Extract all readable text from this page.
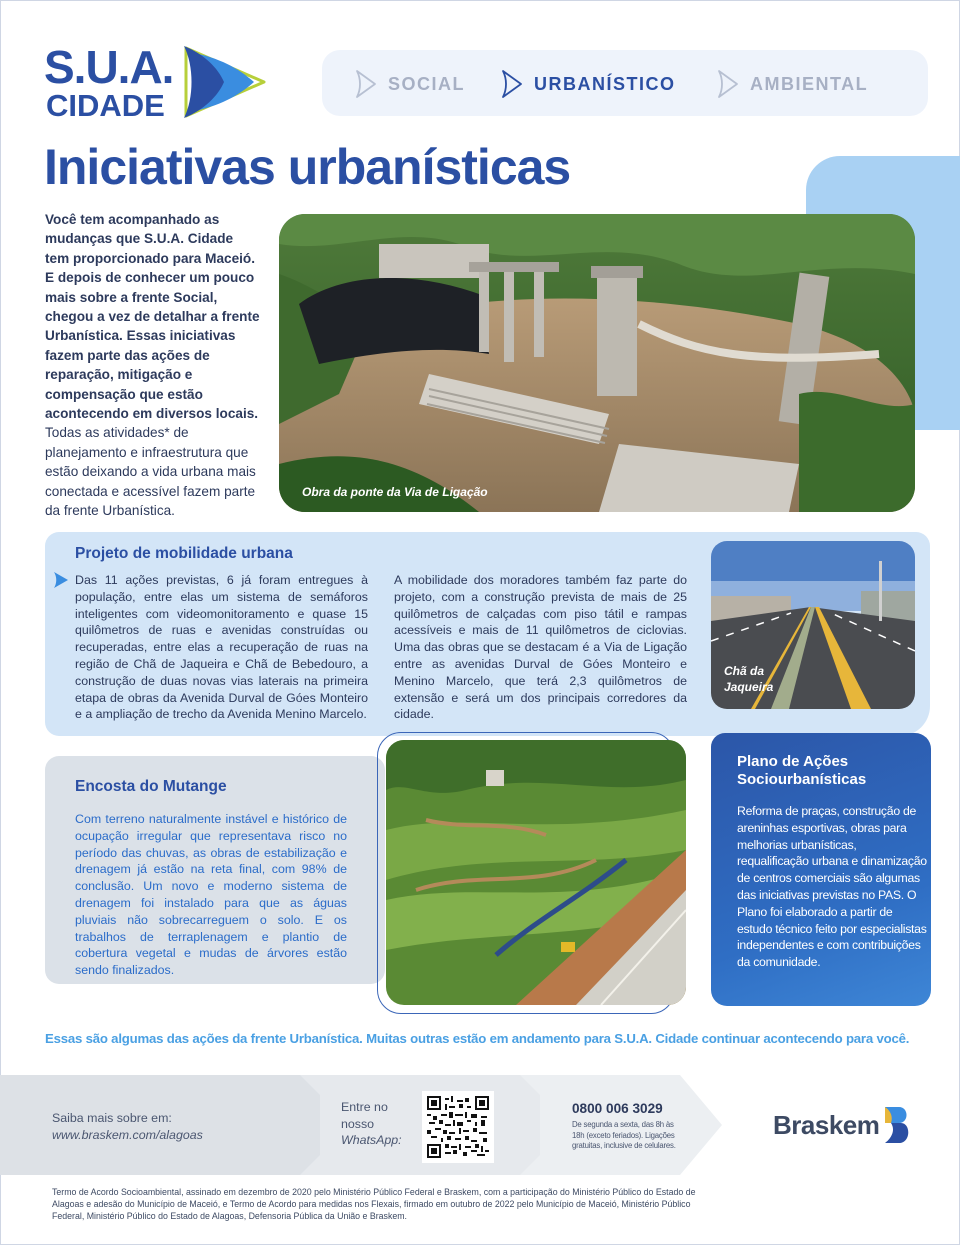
S.U.A.
CIDADE
SOCIAL	URBANÍSTICO	AMBIENTAL
Iniciativas urbanísticas
Você tem acompanhado as mudanças que S.U.A. Cidade tem proporcionado para Maceió. E depois de conhecer um pouco mais sobre a frente Social, chegou a vez de detalhar a frente Urbanística. Essas iniciativas fazem parte das ações de reparação, mitigação e compensação que estão acontecendo em diversos locais. Todas as atividades* de planejamento e infraestrutura que estão deixando a vida urbana mais conectada e acessível fazem parte da frente Urbanística.
Obra da ponte da Via de Ligação
Projeto de mobilidade urbana
Das 11 ações previstas, 6 já foram entregues à população, entre elas um sistema de semáforos inteligentes com videomonitoramento e quase 15 quilômetros de ruas e avenidas construídas ou recuperadas, entre elas a recuperação de ruas na região de Chã de Jaqueira e Chã de Bebedouro, a construção de duas novas vias laterais na primeira etapa de obras da Avenida Durval de Góes Monteiro e a ampliação de trecho da Avenida Menino Marcelo.
A mobilidade dos moradores também faz parte do projeto, com a construção prevista de mais de 25 quilômetros de calçadas com piso tátil e rampas acessíveis e mais de 11 quilômetros de ciclovias. Uma das obras que se destacam é a Via de Ligação entre as avenidas Durval de Góes Monteiro e Menino Marcelo, que terá 2,3 quilômetros de extensão e será um dos principais corredores da cidade.
Chã da
Jaqueira
Encosta do Mutange
Com terreno naturalmente instável e histórico de ocupação irregular que representava risco no período das chuvas, as obras de estabilização e drenagem já estão na reta final, com 98% de conclusão. Um novo e moderno sistema de drenagem foi instalado para que as águas pluviais não sobrecarreguem o solo. E os trabalhos de terraplenagem e plantio de cobertura vegetal e mudas de árvores estão sendo finalizados.
Plano de Ações
Sociourbanísticas
Reforma de praças, construção de areninhas esportivas, obras para melhorias urbanísticas, requalificação urbana e dinamização de centros comerciais são algumas das iniciativas previstas no PAS. O Plano foi elaborado a partir de estudo técnico feito por especialistas independentes e com contribuições da comunidade.
Essas são algumas das ações da frente Urbanística. Muitas outras estão em andamento para S.U.A. Cidade continuar acontecendo para você.
Saiba mais sobre em:
www.braskem.com/alagoas
Entre no
nosso
WhatsApp:
0800 006 3029
De segunda a sexta, das 8h às 18h (exceto feriados). Ligações gratuitas, inclusive de celulares.
Braskem
Termo de Acordo Socioambiental, assinado em dezembro de 2020 pelo Ministério Público Federal e Braskem, com a participação do Ministério Público do Estado de Alagoas e adesão do Município de Maceió, e Termo de Acordo para medidas nos Flexais, firmado em outubro de 2022 pelo Município de Maceió, Ministério Público Federal, Ministério Público do Estado de Alagoas, Defensoria Pública da União e Braskem.
